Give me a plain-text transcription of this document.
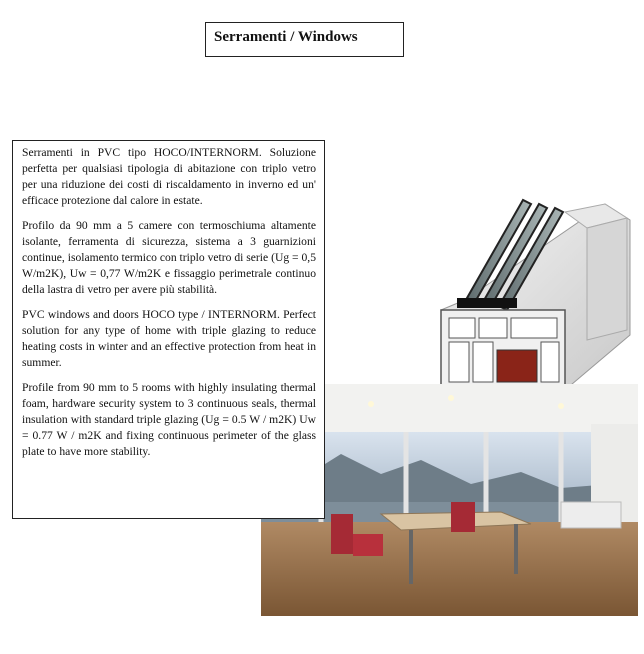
Serramenti / Windows

Serramenti in PVC tipo HOCO/INTERNORM. Soluzione perfetta per qualsiasi tipologia di abitazione con triplo vetro per una riduzione dei costi di riscaldamento in inverno ed un' efficace protezione dal calore in estate.

Profilo da 90 mm a 5 camere con termoschiuma altamente isolante, ferramenta di sicurezza, sistema a 3 guarnizioni continue, isolamento termico con triplo vetro di serie (Ug = 0,5 W/m2K), Uw = 0,77 W/m2K e fissaggio perimetrale continuo della lastra di vetro per avere più stabilità.

PVC windows and doors HOCO type / INTERNORM. Perfect solution for any type of home with triple glazing to reduce heating costs in winter and an effective protection from heat in summer.

Profile from 90 mm to 5 rooms with highly insulating thermal foam, hardware security system to 3 continuous seals, thermal insulation with standard triple glazing (Ug = 0.5 W / m2K) Uw = 0.77 W / m2K and fixing continuous perimeter of the glass plate to have more stability.
